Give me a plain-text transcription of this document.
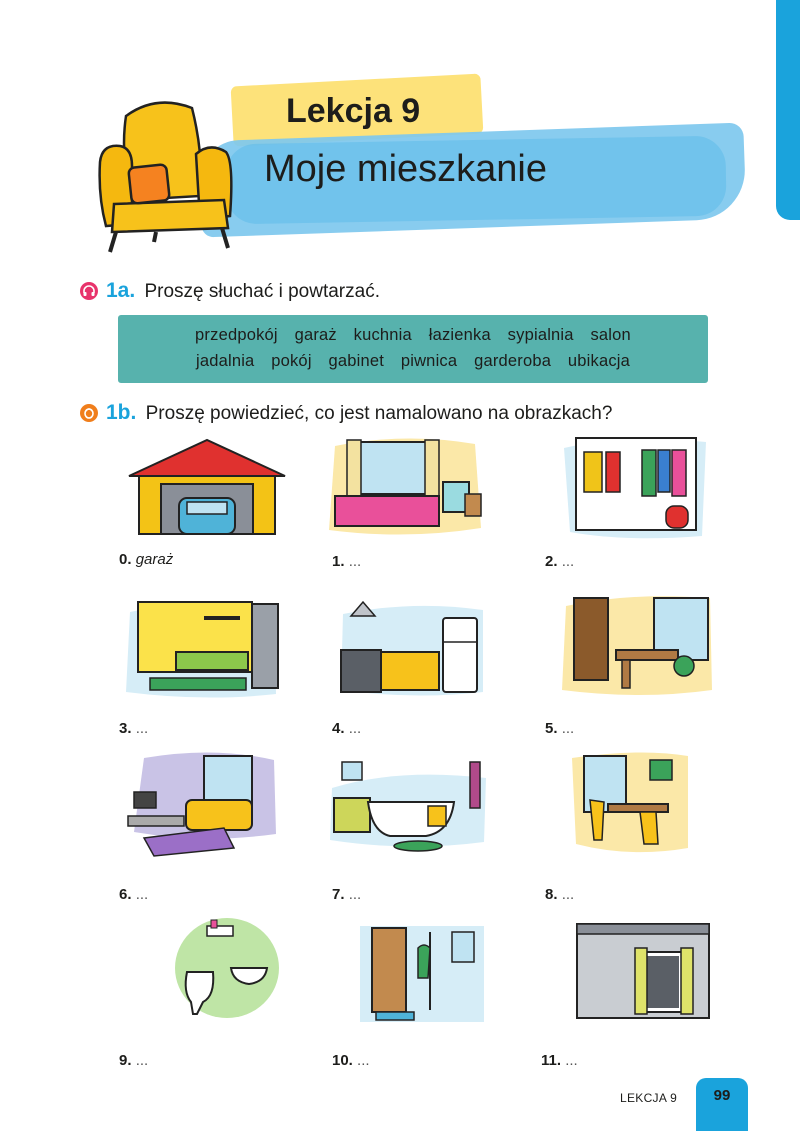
Lekcja 9
Moje mieszkanie
1a. Proszę słuchać i powtarzać.
przedpokój garaż kuchnia łazienka sypialnia salon
jadalnia pokój gabinet piwnica garderoba ubikacja
1b. Proszę powiedzieć, co jest namalowano na obrazkach?
0. garaż	1. ...	2. ...
3. ...	4. ...	5. ...
6. ...	7. ...	8. ...
9. ...	10. ...	11. ...
LEKCJA 9	99
